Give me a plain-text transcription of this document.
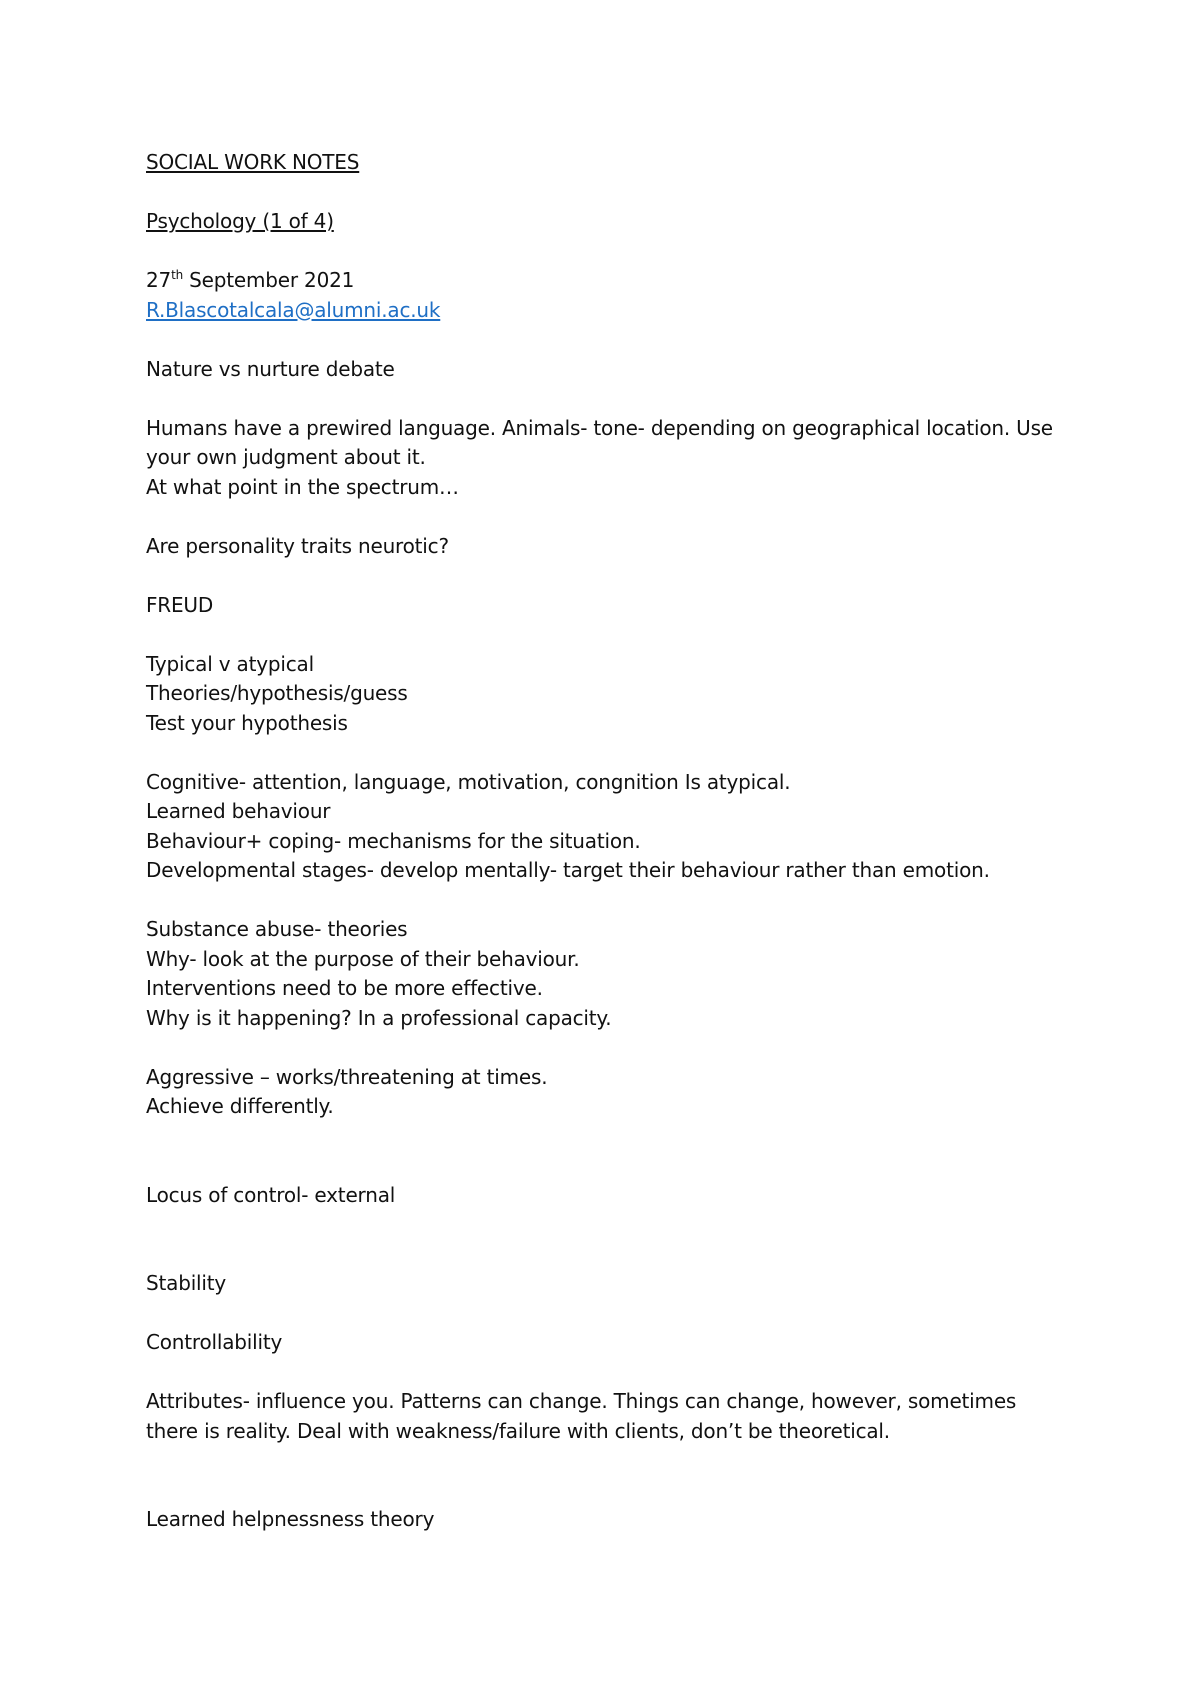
SOCIAL WORK NOTES
Psychology (1 of 4)
27th September 2021
R.Blascotalcala@alumni.ac.uk
Nature vs nurture debate
Humans have a prewired language. Animals- tone- depending on geographical location. Use
your own judgment about it.
At what point in the spectrum…
Are personality traits neurotic?
FREUD
Typical v atypical
Theories/hypothesis/guess
Test your hypothesis
Cognitive- attention, language, motivation, congnition Is atypical.
Learned behaviour
Behaviour+ coping- mechanisms for the situation.
Developmental stages- develop mentally- target their behaviour rather than emotion.
Substance abuse- theories
Why- look at the purpose of their behaviour.
Interventions need to be more effective.
Why is it happening? In a professional capacity.
Aggressive – works/threatening at times.
Achieve differently.
Locus of control- external
Stability
Controllability
Attributes- influence you. Patterns can change. Things can change, however, sometimes
there is reality. Deal with weakness/failure with clients, don’t be theoretical.
Learned helpnessness theory
